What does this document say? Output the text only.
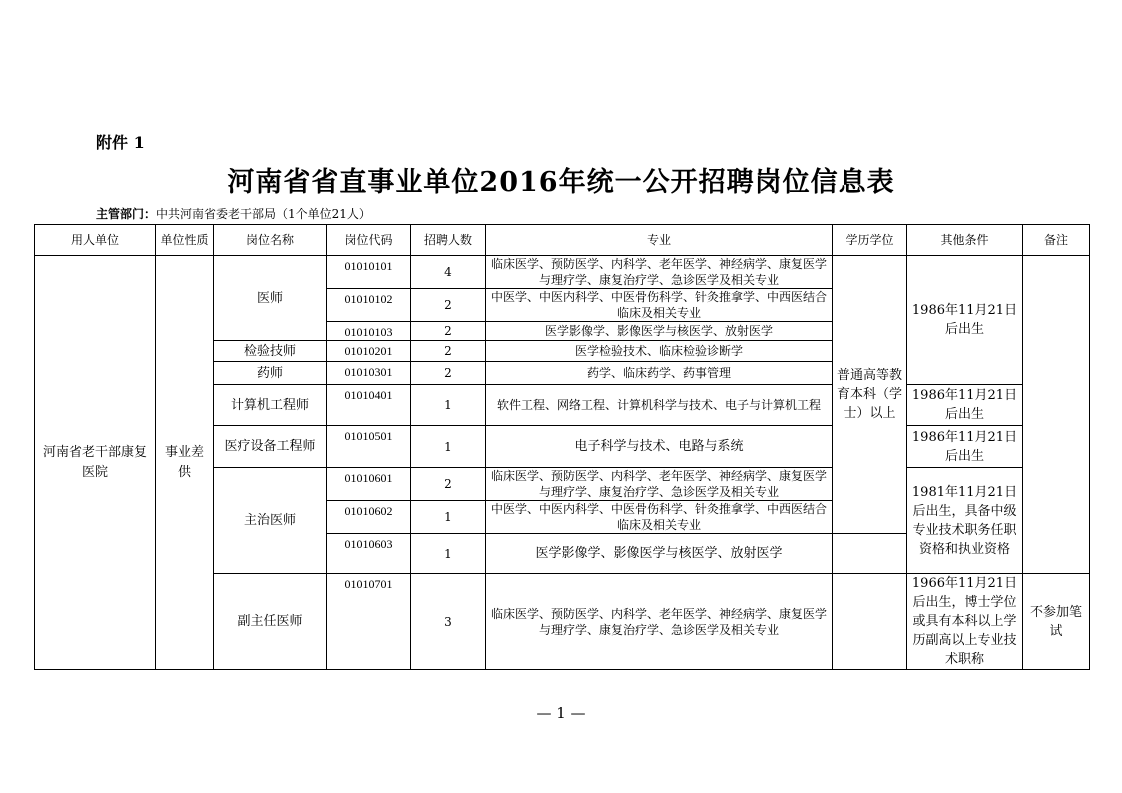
附件 1
河南省省直事业单位2016年统一公开招聘岗位信息表
主管部门：中共河南省委老干部局（1个单位21人）
用人单位	单位性质	岗位名称	岗位代码	招聘人数	专业	学历学位	其他条件	备注
河南省老干部康复医院	事业差供	医师	01010101	4	临床医学、预防医学、内科学、老年医学、神经病学、康复医学与理疗学、康复治疗学、急诊医学及相关专业	普通高等教育本科（学士）以上	1986年11月21日后出生	
			01010102	2	中医学、中医内科学、中医骨伤科学、针灸推拿学、中西医结合临床及相关专业			
			01010103	2	医学影像学、影像医学与核医学、放射医学			
		检验技师	01010201	2	医学检验技术、临床检验诊断学			
		药师	01010301	2	药学、临床药学、药事管理			
		计算机工程师	01010401	1	软件工程、网络工程、计算机科学与技术、电子与计算机工程		1986年11月21日后出生	
		医疗设备工程师	01010501	1	电子科学与技术、电路与系统		1986年11月21日后出生	
		主治医师	01010601	2	临床医学、预防医学、内科学、老年医学、神经病学、康复医学与理疗学、康复治疗学、急诊医学及相关专业		1981年11月21日后出生，具备中级专业技术职务任职资格和执业资格	
			01010602	1	中医学、中医内科学、中医骨伤科学、针灸推拿学、中西医结合临床及相关专业			
			01010603	1	医学影像学、影像医学与核医学、放射医学			
		副主任医师	01010701	3	临床医学、预防医学、内科学、老年医学、神经病学、康复医学与理疗学、康复治疗学、急诊医学及相关专业		1966年11月21日后出生，博士学位或具有本科以上学历副高以上专业技术职称	不参加笔试
— 1 —
